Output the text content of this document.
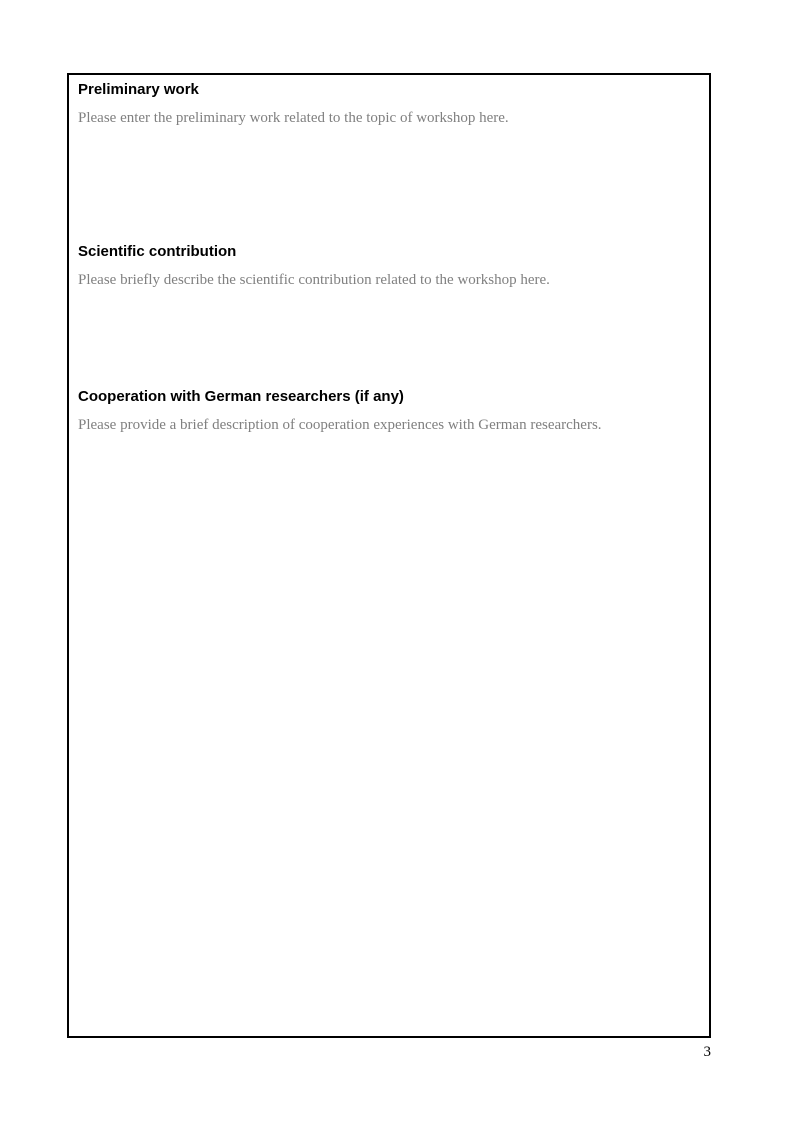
Preliminary work

Please enter the preliminary work related to the topic of workshop here.

Scientific contribution

Please briefly describe the scientific contribution related to the workshop here.

Cooperation with German researchers (if any)

Please provide a brief description of cooperation experiences with German researchers.

3
